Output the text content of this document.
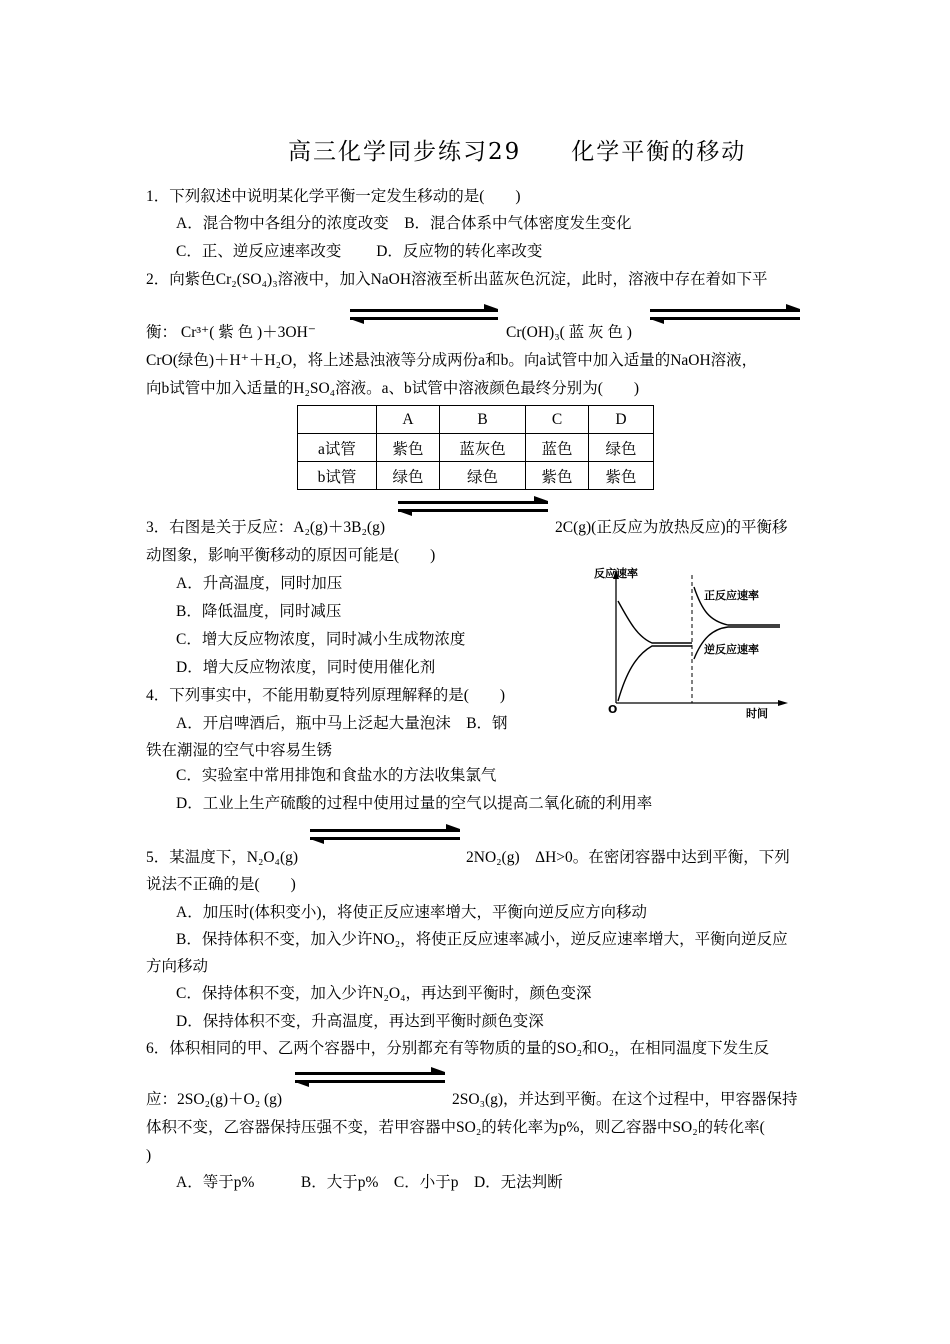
高三化学同步练习29 化学平衡的移动
1．下列叙述中说明某化学平衡一定发生移动的是(　　)
A．混合物中各组分的浓度改变　B．混合体系中气体密度发生变化
C．正、逆反应速率改变　　 D．反应物的转化率改变
2．向紫色Cr₂(SO₄)₃溶液中，加入NaOH溶液至析出蓝灰色沉淀，此时，溶液中存在着如下平
衡： Cr³⁺( 紫 色 )＋3OH⁻	Cr(OH)₃( 蓝 灰 色 )
CrO(绿色)＋H⁺＋H₂O，将上述悬浊液等分成两份a和b。向a试管中加入适量的NaOH溶液，
向b试管中加入适量的H₂SO₄溶液。a、b试管中溶液颜色最终分别为(　　)
	A	B	C	D
a试管	紫色	蓝灰色	蓝色	绿色
b试管	绿色	绿色	紫色	紫色
3．右图是关于反应：A₂(g)＋3B₂(g)	2C(g)(正反应为放热反应)的平衡移
动图象，影响平衡移动的原因可能是(　　)
A．升高温度，同时加压
B．降低温度，同时减压
C．增大反应物浓度，同时减小生成物浓度
D．增大反应物浓度，同时使用催化剂
反应速率
正反应速率
逆反应速率
O	时间
4．下列事实中，不能用勒夏特列原理解释的是(　　)
A．开启啤酒后，瓶中马上泛起大量泡沫　B．钢
铁在潮湿的空气中容易生锈
C．实验室中常用排饱和食盐水的方法收集氯气
D．工业上生产硫酸的过程中使用过量的空气以提高二氧化硫的利用率
5．某温度下，N₂O₄(g)	2NO₂(g)　ΔH>0。在密闭容器中达到平衡，下列
说法不正确的是(　　)
A．加压时(体积变小)，将使正反应速率增大，平衡向逆反应方向移动
B．保持体积不变，加入少许NO₂，将使正反应速率减小，逆反应速率增大，平衡向逆反应
方向移动
C．保持体积不变，加入少许N₂O₄，再达到平衡时，颜色变深
D．保持体积不变，升高温度，再达到平衡时颜色变深
6．体积相同的甲、乙两个容器中，分别都充有等物质的量的SO₂和O₂，在相同温度下发生反
应：2SO₂(g)＋O₂ (g)	2SO₃(g)，并达到平衡。在这个过程中，甲容器保持
体积不变，乙容器保持压强不变，若甲容器中SO₂的转化率为p%，则乙容器中SO₂的转化率(
)
A．等于p%　　　B．大于p%　C．小于p　D．无法判断
